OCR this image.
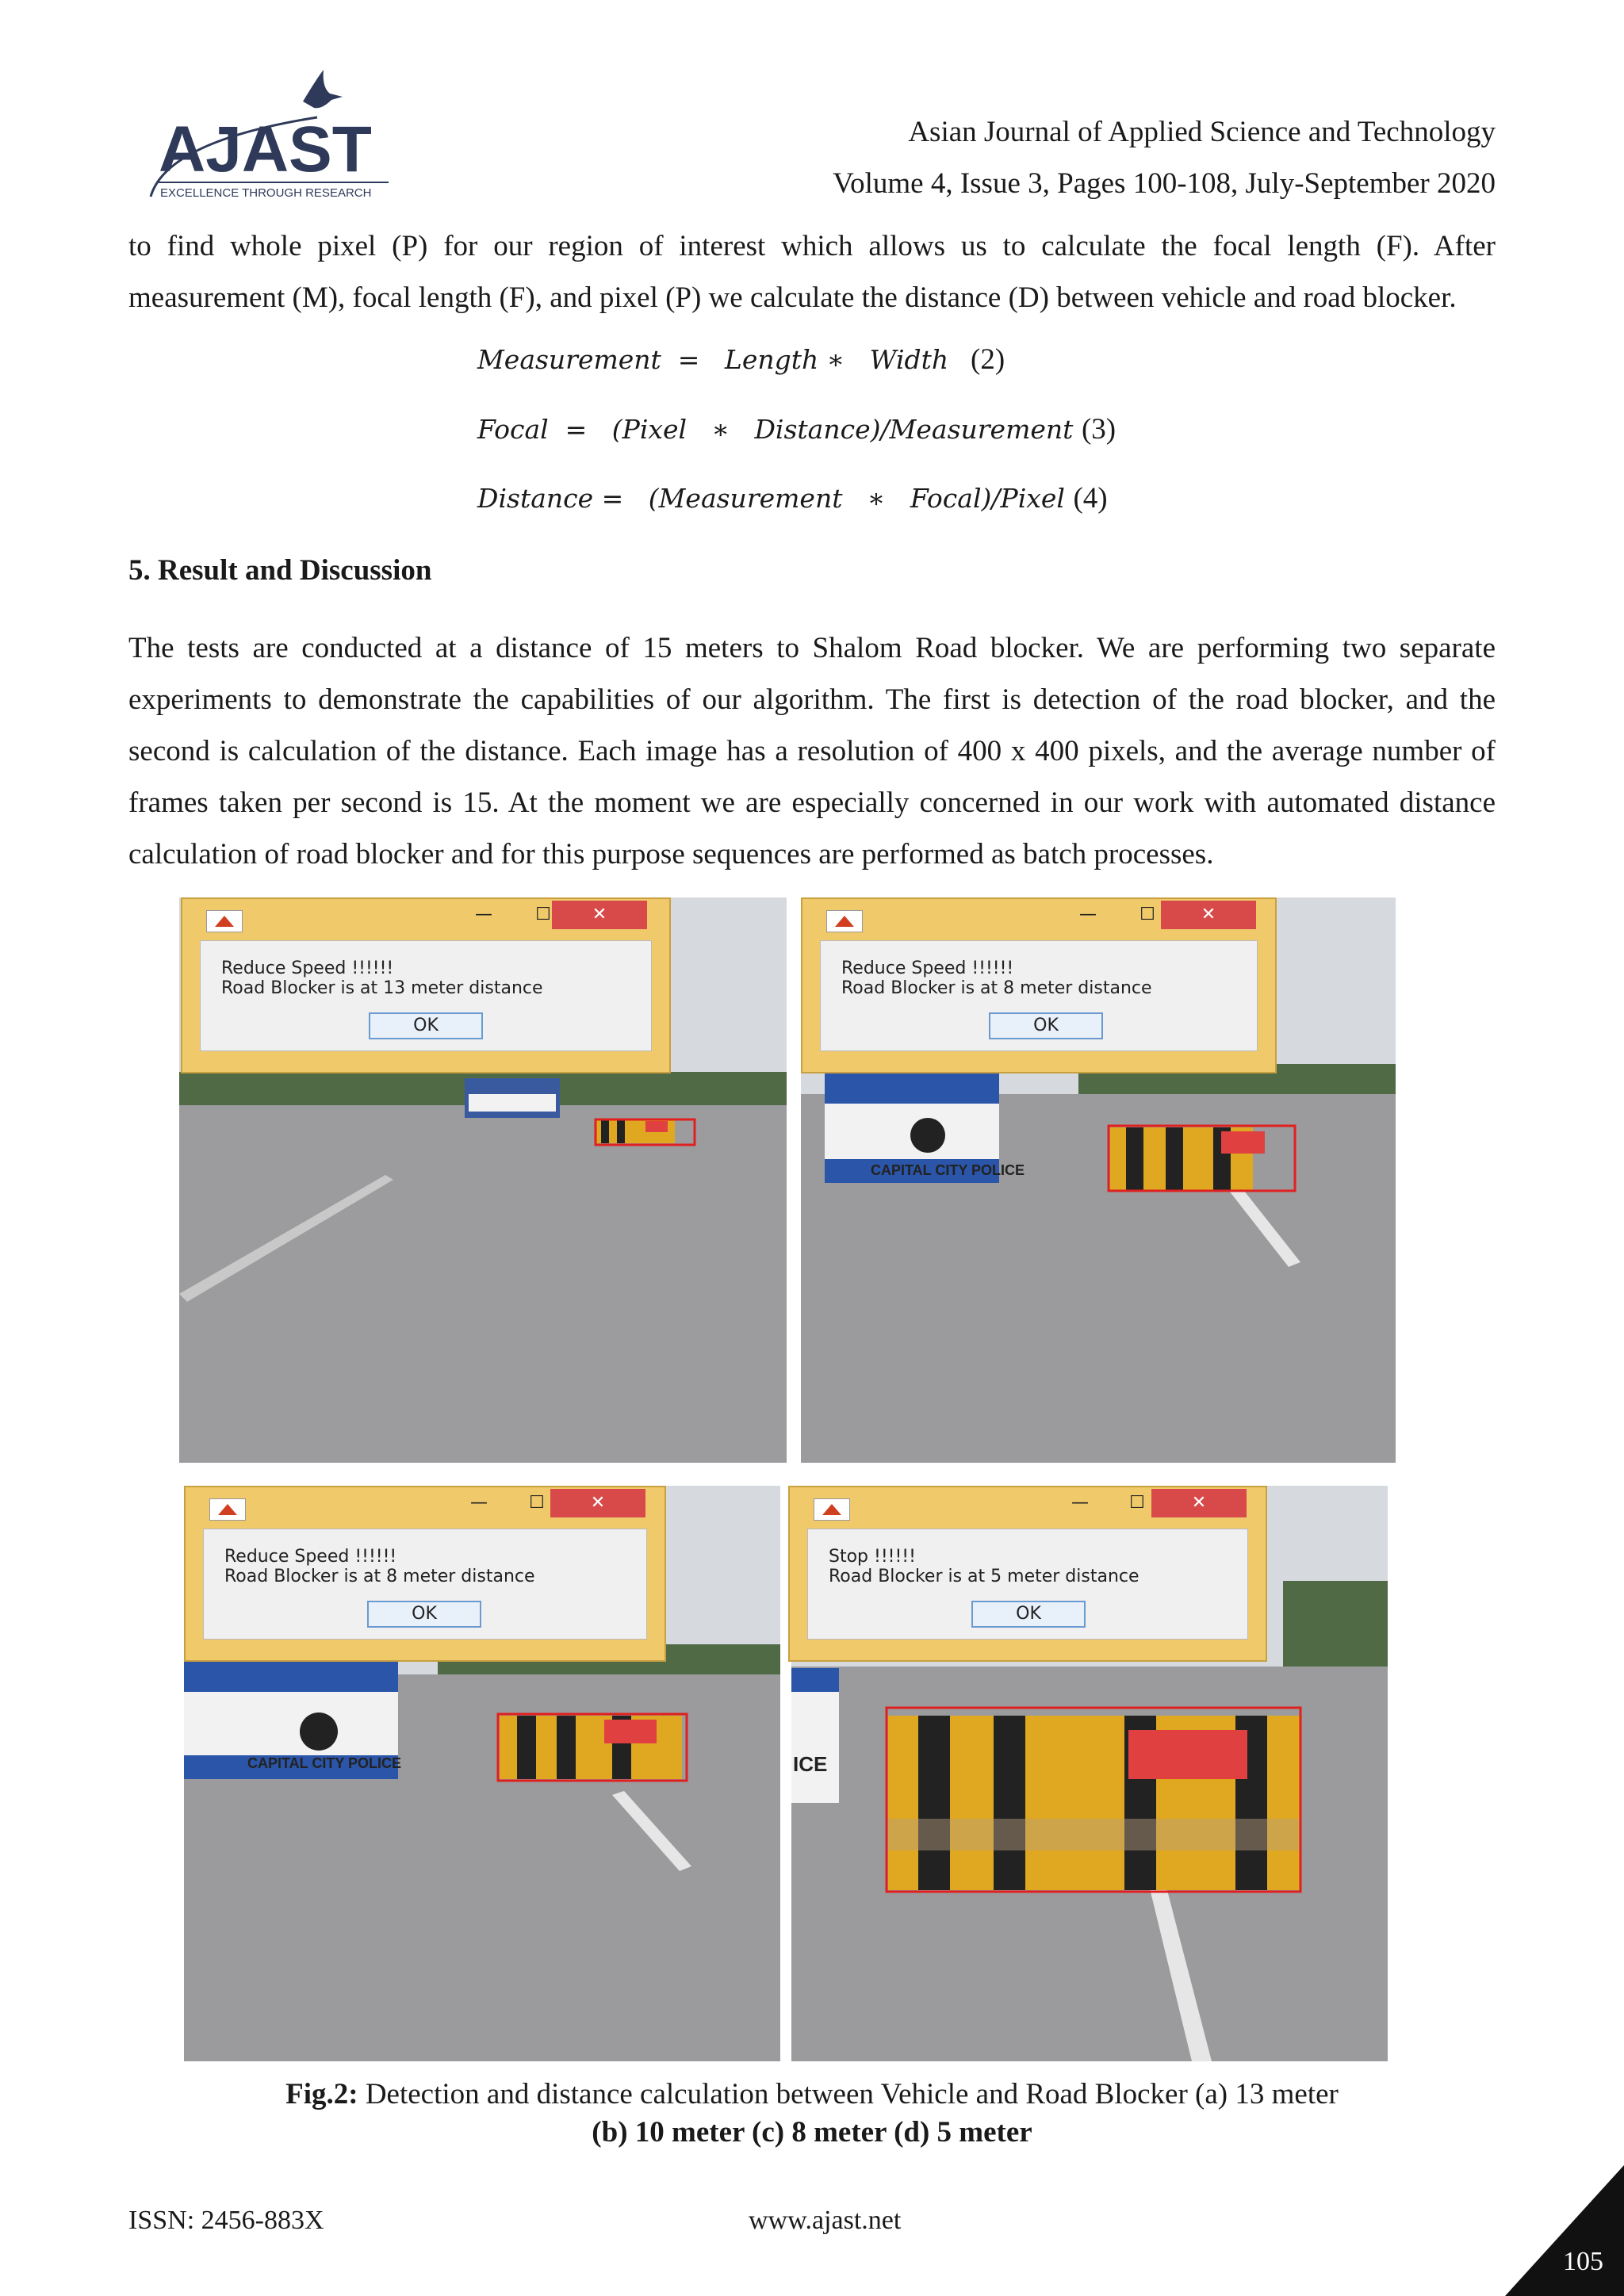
AJAST
EXCELLENCE THROUGH RESEARCH
Asian Journal of Applied Science and Technology
Volume 4, Issue 3, Pages 100-108, July-September 2020
to find whole pixel (P) for our region of interest which allows us to calculate the focal length (F). After measurement (M), focal length (F), and pixel (P) we calculate the distance (D) between vehicle and road blocker.
Measurement  =   Length ∗   Width (2)
Focal  =   (Pixel   ∗   Distance)/Measurement (3)
Distance =   (Measurement   ∗   Focal)/Pixel (4)
5. Result and Discussion
The tests are conducted at a distance of 15 meters to Shalom Road blocker. We are performing two separate experiments to demonstrate the capabilities of our algorithm. The first is detection of the road blocker, and the second is calculation of the distance. Each image has a resolution of 400 x 400 pixels, and the average number of frames taken per second is 15. At the moment we are especially concerned in our work with automated distance calculation of road blocker and for this purpose sequences are performed as batch processes.
—	☐	✕
Reduce Speed !!!!!!
Road Blocker is at 13 meter distance
OK
CAPITAL CITY POLICE
—	☐	✕
Reduce Speed !!!!!!
Road Blocker is at 8 meter distance
OK
CAPITAL CITY POLICE
—	☐	✕
Reduce Speed !!!!!!
Road Blocker is at 8 meter distance
OK
ICE
—	☐	✕
Stop !!!!!!
Road Blocker is at 5 meter distance
OK
Fig.2: Detection and distance calculation between Vehicle and Road Blocker (a) 13 meter
(b) 10 meter (c) 8 meter (d) 5 meter
ISSN: 2456-883X	www.ajast.net
105
